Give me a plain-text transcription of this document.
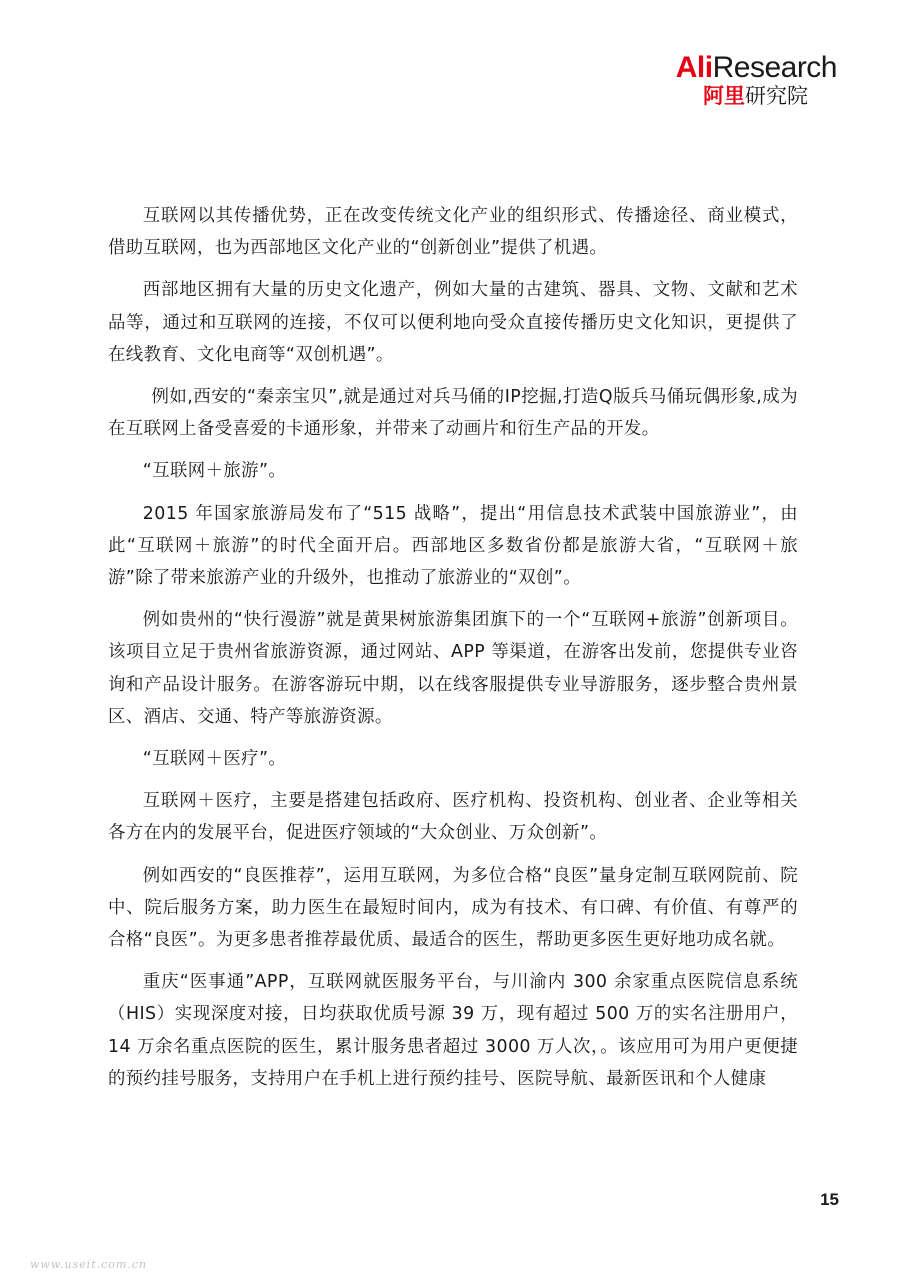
AliResearch
阿里研究院

互联网以其传播优势，正在改变传统文化产业的组织形式、传播途径、商业模式，借助互联网，也为西部地区文化产业的“创新创业”提供了机遇。

西部地区拥有大量的历史文化遗产，例如大量的古建筑、器具、文物、文献和艺术品等，通过和互联网的连接，不仅可以便利地向受众直接传播历史文化知识，更提供了在线教育、文化电商等“双创机遇”。

例如,西安的“秦亲宝贝”,就是通过对兵马俑的IP挖掘,打造Q版兵马俑玩偶形象,成为在互联网上备受喜爱的卡通形象，并带来了动画片和衍生产品的开发。

“互联网＋旅游”。

2015 年国家旅游局发布了“515 战略”，提出“用信息技术武装中国旅游业”，由此“互联网＋旅游”的时代全面开启。西部地区多数省份都是旅游大省，“互联网＋旅游”除了带来旅游产业的升级外，也推动了旅游业的“双创”。

例如贵州的“快行漫游”就是黄果树旅游集团旗下的一个“互联网+旅游”创新项目。该项目立足于贵州省旅游资源，通过网站、APP 等渠道，在游客出发前，您提供专业咨询和产品设计服务。在游客游玩中期，以在线客服提供专业导游服务，逐步整合贵州景区、酒店、交通、特产等旅游资源。

“互联网＋医疗”。

互联网＋医疗，主要是搭建包括政府、医疗机构、投资机构、创业者、企业等相关各方在内的发展平台，促进医疗领域的“大众创业、万众创新”。

例如西安的“良医推荐”，运用互联网，为多位合格“良医”量身定制互联网院前、院中、院后服务方案，助力医生在最短时间内，成为有技术、有口碑、有价值、有尊严的合格“良医”。为更多患者推荐最优质、最适合的医生，帮助更多医生更好地功成名就。

重庆“医事通”APP，互联网就医服务平台，与川渝内 300 余家重点医院信息系统（HIS）实现深度对接，日均获取优质号源 39 万，现有超过 500 万的实名注册用户，14 万余名重点医院的医生，累计服务患者超过 3000 万人次，。该应用可为用户更便捷的预约挂号服务，支持用户在手机上进行预约挂号、医院导航、最新医讯和个人健康

15
www.useit.com.cn
